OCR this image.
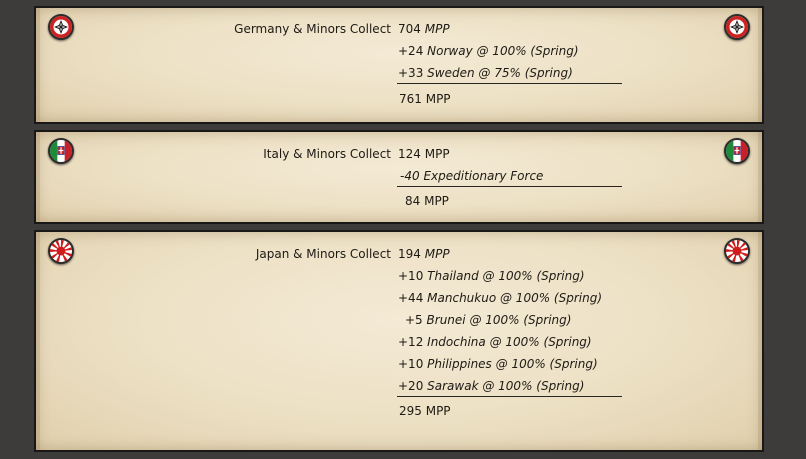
Germany & Minors Collect 704 MPP
+24 Norway @ 100% (Spring)
+33 Sweden @ 75% (Spring)
761 MPP
Italy & Minors Collect 124 MPP
-40 Expeditionary Force
84 MPP
Japan & Minors Collect 194 MPP
+10 Thailand @ 100% (Spring)
+44 Manchukuo @ 100% (Spring)
+5 Brunei @ 100% (Spring)
+12 Indochina @ 100% (Spring)
+10 Philippines @ 100% (Spring)
+20 Sarawak @ 100% (Spring)
295 MPP
